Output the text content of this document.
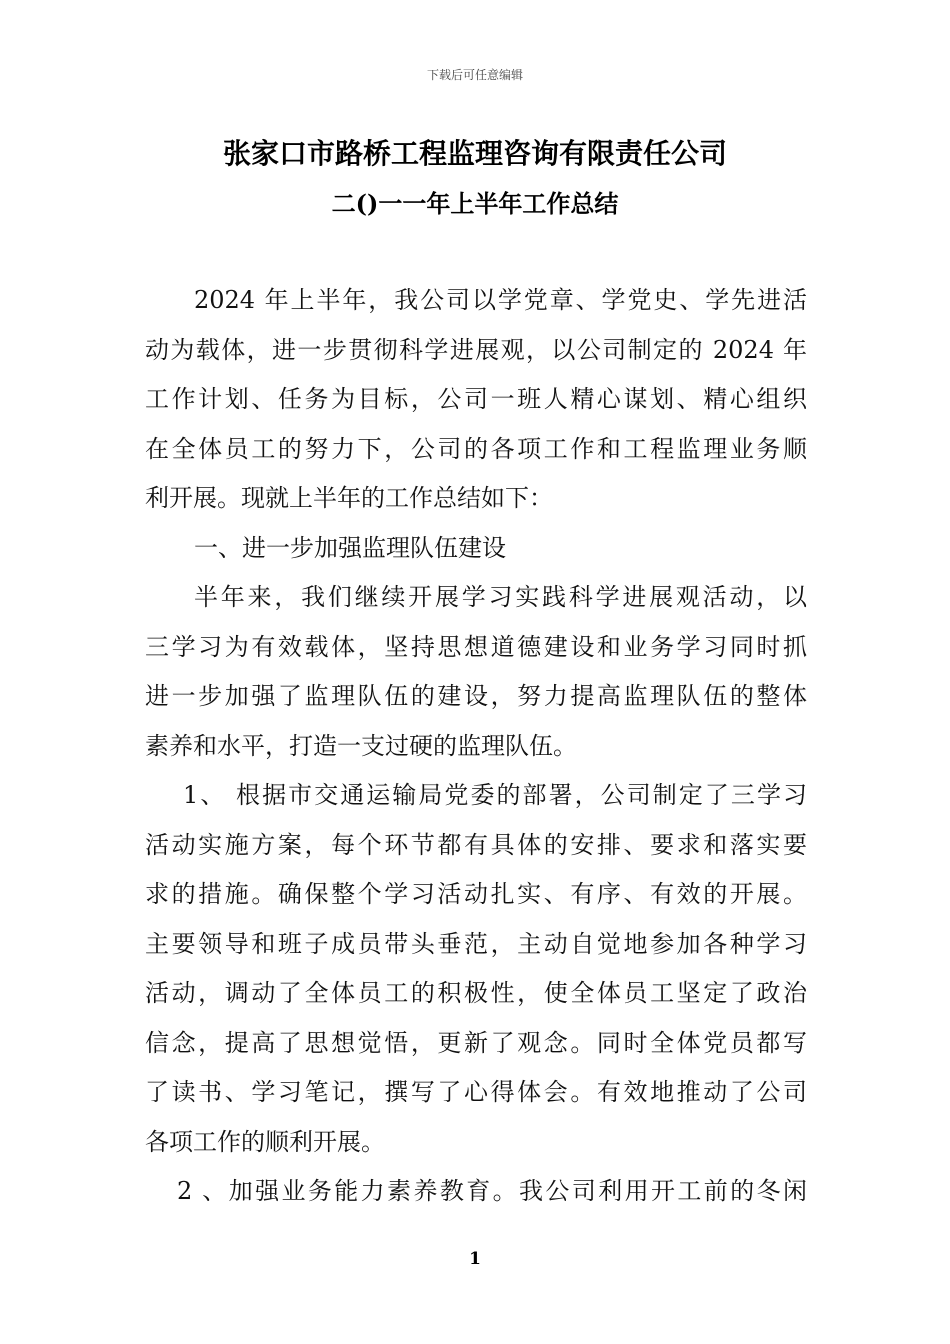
下载后可任意编辑
张家口市路桥工程监理咨询有限责任公司
二()一一年上半年工作总结
2024 年上半年，我公司以学党章、学党史、学先进活
动为载体，进一步贯彻科学进展观，以公司制定的 2024 年
工作计划、任务为目标，公司一班人精心谋划、精心组织
在全体员工的努力下，公司的各项工作和工程监理业务顺
利开展。现就上半年的工作总结如下：
一、进一步加强监理队伍建设
半年来，我们继续开展学习实践科学进展观活动，以
三学习为有效载体，坚持思想道德建设和业务学习同时抓
进一步加强了监理队伍的建设，努力提高监理队伍的整体
素养和水平，打造一支过硬的监理队伍。
1、 根据市交通运输局党委的部署，公司制定了三学习
活动实施方案，每个环节都有具体的安排、要求和落实要
求的措施。确保整个学习活动扎实、有序、有效的开展。
主要领导和班子成员带头垂范，主动自觉地参加各种学习
活动，调动了全体员工的积极性，使全体员工坚定了政治
信念，提高了思想觉悟，更新了观念。同时全体党员都写
了读书、学习笔记，撰写了心得体会。有效地推动了公司
各项工作的顺利开展。
2 、加强业务能力素养教育。我公司利用开工前的冬闲
1
